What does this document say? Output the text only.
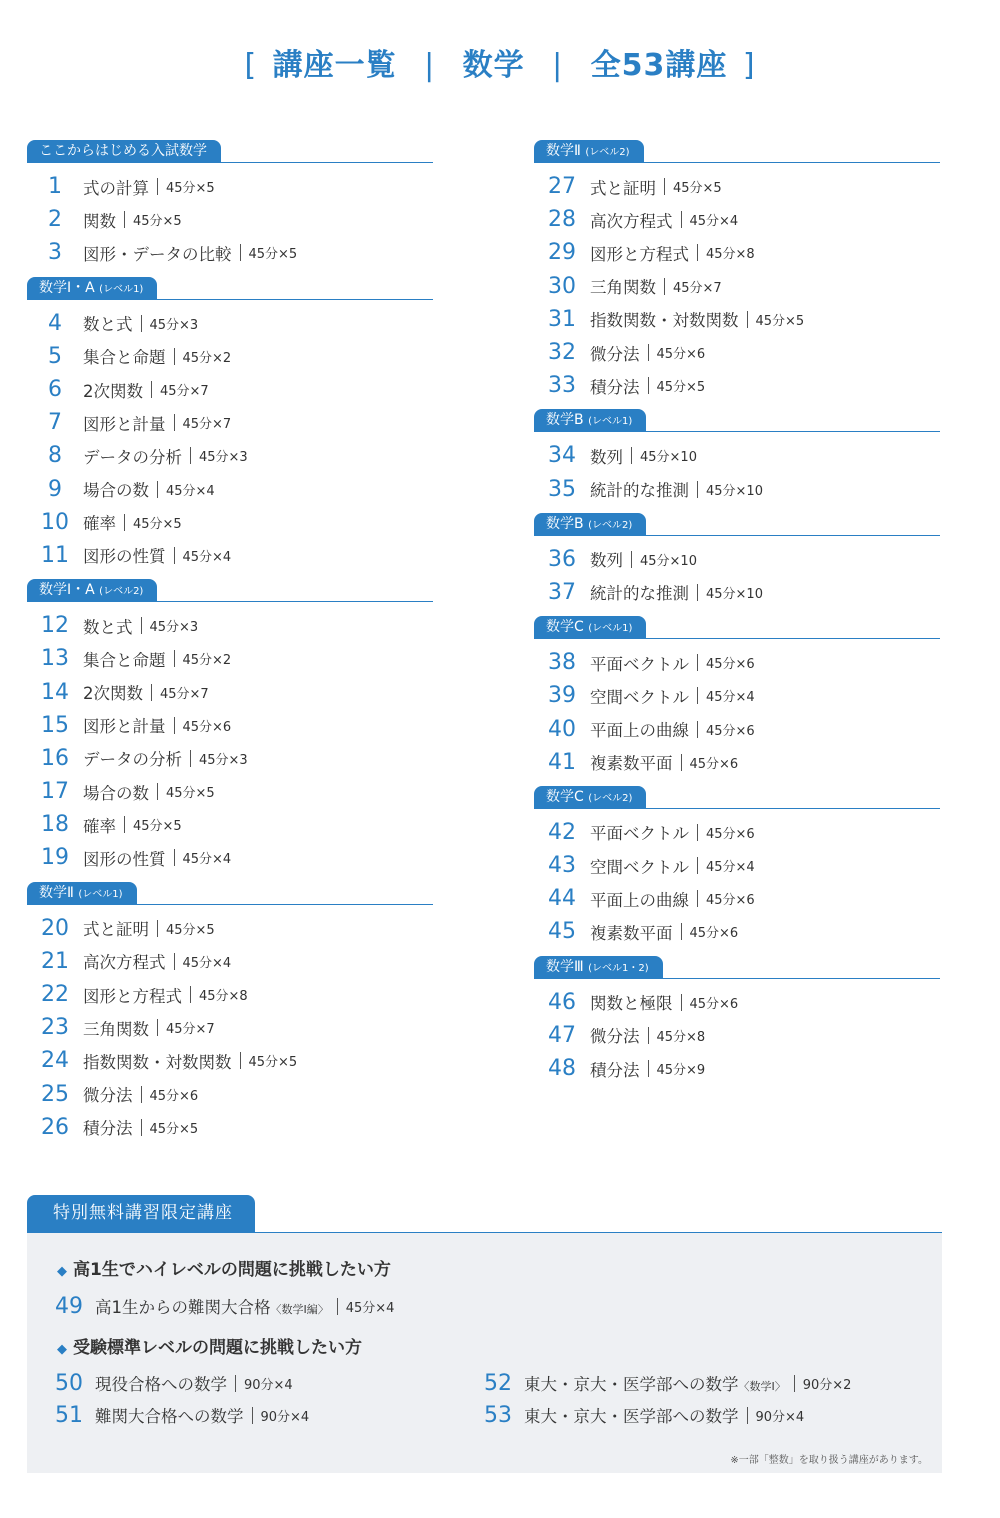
[ 講座一覧 | 数学 | 全53講座 ]
ここからはじめる入試数学
1	式の計算 45分×5
2	関数 45分×5
3	図形・データの比較 45分×5
数学Ⅰ・A (レベル1)
4	数と式 45分×3
5	集合と命題 45分×2
6	2次関数 45分×7
7	図形と計量 45分×7
8	データの分析 45分×3
9	場合の数 45分×4
10 確率 45分×5
11 図形の性質 45分×4
数学Ⅰ・A (レベル2)
12 数と式 45分×3
13 集合と命題 45分×2
14 2次関数 45分×7
15 図形と計量 45分×6
16 データの分析 45分×3
17 場合の数 45分×5
18 確率 45分×5
19 図形の性質 45分×4
数学Ⅱ (レベル1)
20 式と証明 45分×5
21 高次方程式 45分×4
22 図形と方程式 45分×8
23 三角関数 45分×7
24 指数関数・対数関数 45分×5
25 微分法 45分×6
26 積分法 45分×5
数学Ⅱ (レベル2)
27 式と証明 45分×5
28 高次方程式 45分×4
29 図形と方程式 45分×8
30 三角関数 45分×7
31 指数関数・対数関数 45分×5
32 微分法 45分×6
33 積分法 45分×5
数学B (レベル1)
34 数列 45分×10
35 統計的な推測 45分×10
数学B (レベル2)
36 数列 45分×10
37 統計的な推測 45分×10
数学C (レベル1)
38 平面ベクトル 45分×6
39 空間ベクトル 45分×4
40 平面上の曲線 45分×6
41 複素数平面 45分×6
数学C (レベル2)
42 平面ベクトル 45分×6
43 空間ベクトル 45分×4
44 平面上の曲線 45分×6
45 複素数平面 45分×6
数学Ⅲ (レベル1・2)
46 関数と極限 45分×6
47 微分法 45分×8
48 積分法 45分×9
特別無料講習限定講座
◆ 高1生でハイレベルの問題に挑戦したい方
49 高1生からの難関大合格〈数学Ⅰ編〉 45分×4
◆ 受験標準レベルの問題に挑戦したい方
50 現役合格への数学 90分×4
51 難関大合格への数学 90分×4
52 東大・京大・医学部への数学〈数学Ⅰ〉 90分×2
53 東大・京大・医学部への数学 90分×4
※一部「整数」を取り扱う講座があります。
